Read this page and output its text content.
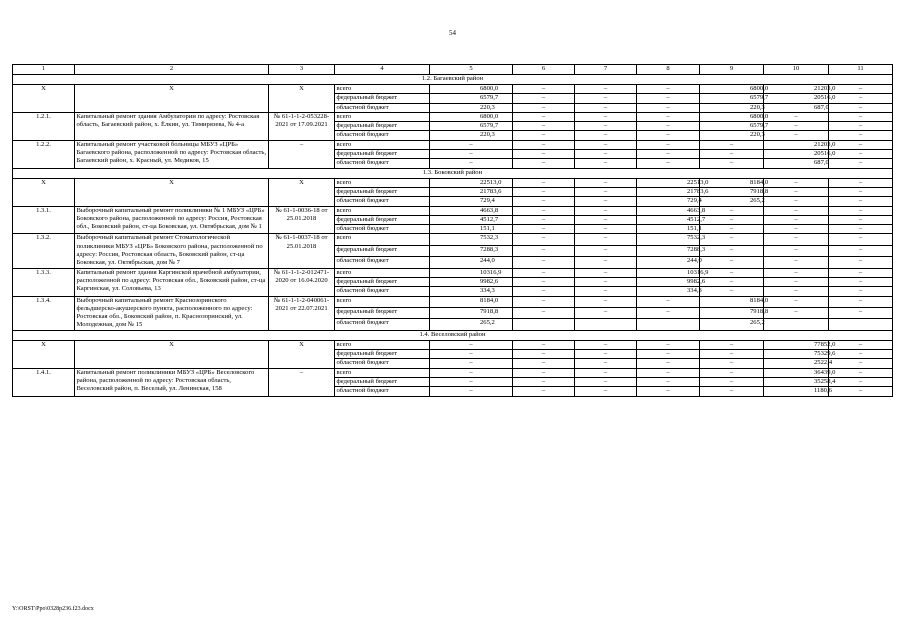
54
1	2	3	4	5	6	7	8	9	10	11
1.2. Багаевский район										
Х	Х	Х	всего	6800,0	–	–	–	6800,0	21203,0	–
			федеральный бюджет	6579,7	–	–	–	6579,7	20516,0	–
			областной бюджет	220,3	–	–	–	220,3	687,0	–
1.2.1.	Капитальный ремонт здания Амбулатории по адресу: Ростовская область, Багаевский район, х. Ёлкин, ул. Тимирязева, № 4-а	№ 61-1-1-2-053228-2021 от 17.09.2021	всего	6800,0	–	–	–	6800,0	–	–
			федеральный бюджет	6579,7	–	–	–	6579,7	–	–
			областной бюджет	220,3	–	–	–	220,3	–	–
1.2.2.	Капитальный ремонт участковой больницы МБУЗ «ЦРБ» Багаевского района, расположенной по адресу: Ростовская область, Багаевский район, х. Красный, ул. Медиков, 15	–	всего	–	–	–	–	–	21203,0	–
			федеральный бюджет	–	–	–	–	–	20516,0	–
			областной бюджет	–	–	–	–	–	687,0	–
1.3. Боковский район										
Х	Х	Х	всего	22513,0	–	–	22513,0	8184,0	–	–
			федеральный бюджет	21783,6	–	–	21783,6	7918,8	–	–
			областной бюджет	729,4	–	–	729,4	265,2	–	–
1.3.1.	Выборочный капитальный ремонт поликлиники № 1 МБУЗ «ЦРБ» Боковского района, расположенной по адресу: Россия, Ростовская обл., Боковский район, ст-ца Боковская, ул. Октябрьская, дом № 1	№ 61-1-0036-18 от 25.01.2018	всего	4663,8	–	–	4663,8	–	–	–
			федеральный бюджет	4512,7	–	–	4512,7	–	–	–
			областной бюджет	151,1	–	–	151,1	–	–	–
1.3.2.	Выборочный капитальный ремонт Стоматологической поликлиники МБУЗ «ЦРБ» Боковского района, расположенной по адресу: Россия, Ростовская область, Боковский район, ст-ца Боковская, ул. Октябрьская, дом № 7	№ 61-1-0037-18 от 25.01.2018	всего	7532,3	–	–	7532,3	–	–	–
			федеральный бюджет	7288,3	–	–	7288,3	–	–	–
			областной бюджет	244,0	–	–	244,0	–	–	–
1.3.3.	Капитальный ремонт здания Каргинской врачебной амбулатории, расположенной по адресу: Ростовская обл., Боковский район, ст-ца Каргинская, ул. Соловьева, 13	№ 61-1-1-2-012471-2020 от 16.04.2020	всего	10316,9	–	–	10316,9	–	–	–
			федеральный бюджет	9982,6	–	–	9982,6	–	–	–
			областной бюджет	334,3	–	–	334,3	–	–	–
1.3.4.	Выборочный капитальный ремонт Краснозоринского фельдшерско-акушерского пункта, расположенного по адресу: Ростовская обл., Боковский район, п. Краснозоринский, ул. Молодежная, дом № 15	№ 61-1-1-2-040061-2021 от 22.07.2021	всего	8184,0	–	–	–	8184,0	–	–
			федеральный бюджет	7918,8	–	–	–	7918,8	–	–
			областной бюджет	265,2				265,2		
1.4. Веселовский район										
Х	Х	Х	всего	–	–	–	–	–	77852,0	–
			федеральный бюджет	–	–	–	–	–	75329,6	–
			областной бюджет	–	–	–	–	–	2522,4	–
1.4.1.	Капитальный ремонт поликлиники МБУЗ «ЦРБ» Веселовского района, расположенной по адресу: Ростовская область, Веселовский район, п. Веселый, ул. Ленинская, 158	–	всего	–	–	–	–	–	36439,0	–
			федеральный бюджет	–	–	–	–	–	35258,4	–
			областной бюджет	–	–	–	–	–	1180,6	–
Y:\ORST\Ppo\0328p236.f23.docx
